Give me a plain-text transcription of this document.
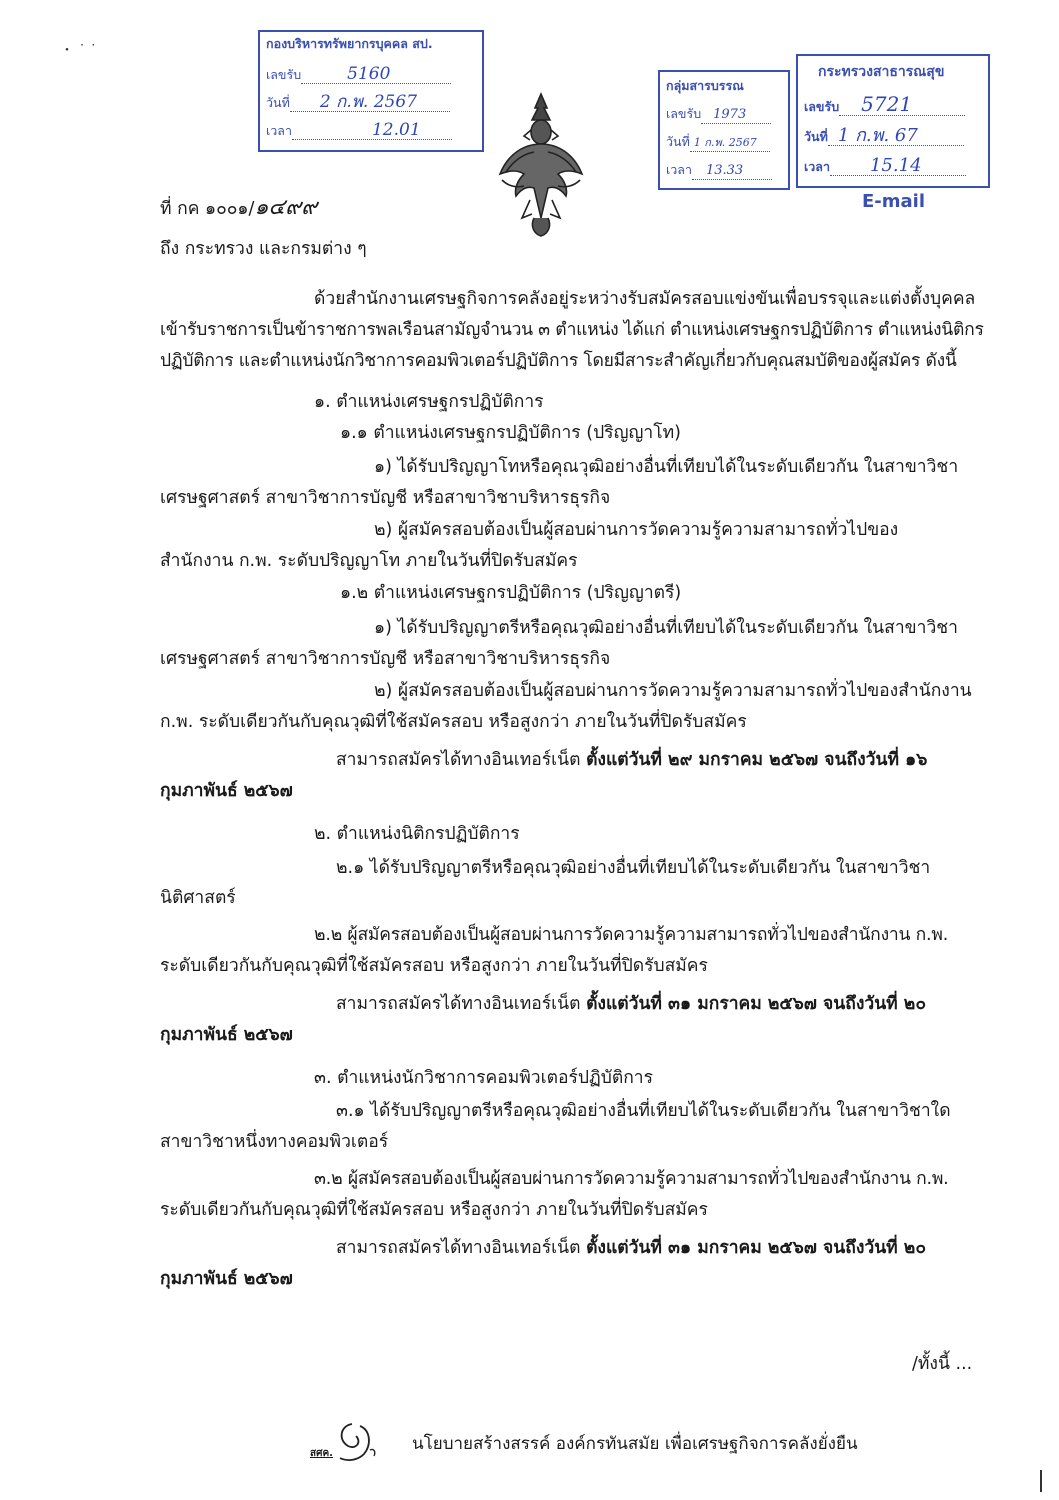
・ ˙ ˙	กองบริหารทรัพยากรบุคคล สป.
เลขรับ	5160
วันที่ 2 ก.พ. 2567
เวลา	12.01
กลุ่มสารบรรณ
เลขรับ 1973
วันที่ 1 ก.พ. 2567
เวลา 13.33
กระทรวงสาธารณสุข
เลขรับ 5721
วันที่ 1 ก.พ. 67
เวลา 15.14
E-mail
ที่ กค ๑๐๐๑/๑๔๙๙
ถึง กระทรวง และกรมต่าง ๆ
ด้วยสำนักงานเศรษฐกิจการคลังอยู่ระหว่างรับสมัครสอบแข่งขันเพื่อบรรจุและแต่งตั้งบุคคล
เข้ารับราชการเป็นข้าราชการพลเรือนสามัญจำนวน ๓ ตำแหน่ง ได้แก่ ตำแหน่งเศรษฐกรปฏิบัติการ ตำแหน่งนิติกร
ปฏิบัติการ และตำแหน่งนักวิชาการคอมพิวเตอร์ปฏิบัติการ โดยมีสาระสำคัญเกี่ยวกับคุณสมบัติของผู้สมัคร ดังนี้
๑. ตำแหน่งเศรษฐกรปฏิบัติการ
๑.๑ ตำแหน่งเศรษฐกรปฏิบัติการ (ปริญญาโท)
๑) ได้รับปริญญาโทหรือคุณวุฒิอย่างอื่นที่เทียบได้ในระดับเดียวกัน ในสาขาวิชา
เศรษฐศาสตร์ สาขาวิชาการบัญชี หรือสาขาวิชาบริหารธุรกิจ
๒) ผู้สมัครสอบต้องเป็นผู้สอบผ่านการวัดความรู้ความสามารถทั่วไปของ
สำนักงาน ก.พ. ระดับปริญญาโท ภายในวันที่ปิดรับสมัคร
๑.๒ ตำแหน่งเศรษฐกรปฏิบัติการ (ปริญญาตรี)
๑) ได้รับปริญญาตรีหรือคุณวุฒิอย่างอื่นที่เทียบได้ในระดับเดียวกัน ในสาขาวิชา
เศรษฐศาสตร์ สาขาวิชาการบัญชี หรือสาขาวิชาบริหารธุรกิจ
๒) ผู้สมัครสอบต้องเป็นผู้สอบผ่านการวัดความรู้ความสามารถทั่วไปของสำนักงาน
ก.พ. ระดับเดียวกันกับคุณวุฒิที่ใช้สมัครสอบ หรือสูงกว่า ภายในวันที่ปิดรับสมัคร
สามารถสมัครได้ทางอินเทอร์เน็ต ตั้งแต่วันที่ ๒๙ มกราคม ๒๕๖๗ จนถึงวันที่ ๑๖
กุมภาพันธ์ ๒๕๖๗
๒. ตำแหน่งนิติกรปฏิบัติการ
๒.๑ ได้รับปริญญาตรีหรือคุณวุฒิอย่างอื่นที่เทียบได้ในระดับเดียวกัน ในสาขาวิชา
นิติศาสตร์
๒.๒ ผู้สมัครสอบต้องเป็นผู้สอบผ่านการวัดความรู้ความสามารถทั่วไปของสำนักงาน ก.พ.
ระดับเดียวกันกับคุณวุฒิที่ใช้สมัครสอบ หรือสูงกว่า ภายในวันที่ปิดรับสมัคร
สามารถสมัครได้ทางอินเทอร์เน็ต ตั้งแต่วันที่ ๓๑ มกราคม ๒๕๖๗ จนถึงวันที่ ๒๐
กุมภาพันธ์ ๒๕๖๗
๓. ตำแหน่งนักวิชาการคอมพิวเตอร์ปฏิบัติการ
๓.๑ ได้รับปริญญาตรีหรือคุณวุฒิอย่างอื่นที่เทียบได้ในระดับเดียวกัน ในสาขาวิชาใด
สาขาวิชาหนึ่งทางคอมพิวเตอร์
๓.๒ ผู้สมัครสอบต้องเป็นผู้สอบผ่านการวัดความรู้ความสามารถทั่วไปของสำนักงาน ก.พ.
ระดับเดียวกันกับคุณวุฒิที่ใช้สมัครสอบ หรือสูงกว่า ภายในวันที่ปิดรับสมัคร
สามารถสมัครได้ทางอินเทอร์เน็ต ตั้งแต่วันที่ ๓๑ มกราคม ๒๕๖๗ จนถึงวันที่ ๒๐
กุมภาพันธ์ ๒๕๖๗
/ทั้งนี้ ...
สศค.	นโยบายสร้างสรรค์ องค์กรทันสมัย เพื่อเศรษฐกิจการคลังยั่งยืน
